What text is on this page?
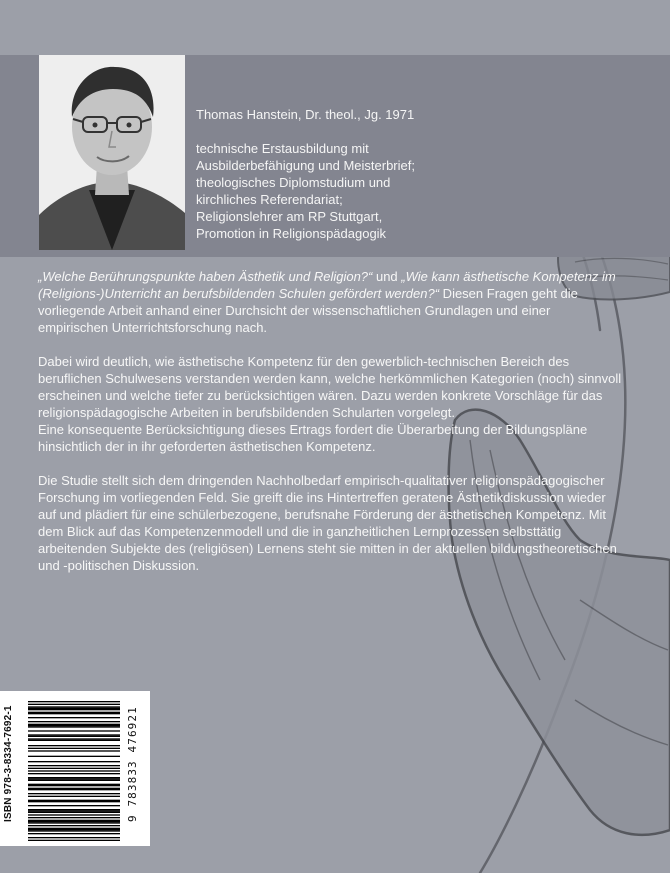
Thomas Hanstein, Dr. theol., Jg. 1971

technische Erstausbildung mit

Ausbilderbefähigung und Meisterbrief;

theologisches Diplomstudium und

kirchliches Referendariat;

Religionslehrer am RP Stuttgart,

Promotion in Religionspädagogik

„Welche Berührungspunkte haben Ästhetik und Religion?“ und „Wie kann ästhetische Kompetenz im (Religions-)Unterricht an berufsbildenden Schulen gefördert werden?“ Diesen Fragen geht die vorliegende Arbeit anhand einer Durchsicht der wissenschaftlichen Grundlagen und einer empirischen Unterrichtsforschung nach.

Dabei wird deutlich, wie ästhetische Kompetenz für den gewerblich-technischen Bereich des beruflichen Schulwesens verstanden werden kann, welche herkömmlichen Kategorien (noch) sinnvoll erscheinen und welche tiefer zu berücksichtigen wären. Dazu werden konkrete Vorschläge für das religionspädagogische Arbeiten in berufsbildenden Schularten vorgelegt.
Eine konsequente Berücksichtigung dieses Ertrags fordert die Überarbeitung der Bildungspläne hinsichtlich der in ihr geforderten ästhetischen Kompetenz.

Die Studie stellt sich dem dringenden Nachholbedarf empirisch-qualitativer religionspädagogischer Forschung im vorliegenden Feld. Sie greift die ins Hintertreffen geratene Ästhetikdiskussion wieder auf und plädiert für eine schülerbezogene, berufsnahe Förderung der ästhetischen Kompetenz. Mit dem Blick auf das Kompetenzenmodell und die in ganzheitlichen Lernprozessen selbsttätig arbeitenden Subjekte des (religiösen) Lernens steht sie mitten in der aktuellen bildungstheoretischen und -politischen Diskussion.

ISBN 978-3-8334-7692-1	9 783833 476921
